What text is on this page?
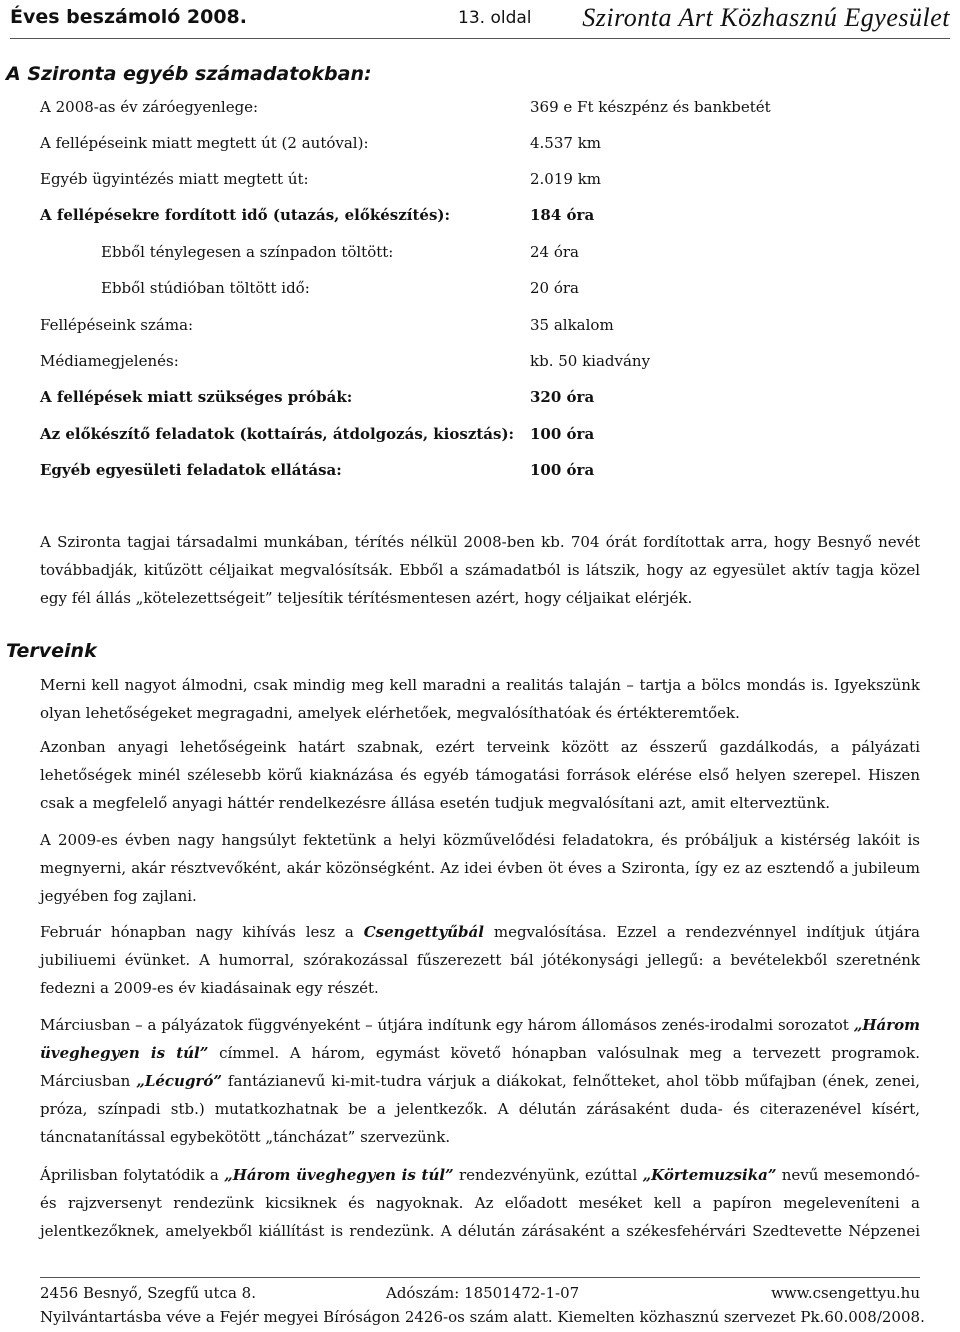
Éves beszámoló 2008.	13. oldal Szironta Art Közhasznú Egyesület
A Szironta egyéb számadatokban:
A 2008-as év záróegyenlege:	369 e Ft készpénz és bankbetét
A fellépéseink miatt megtett út (2 autóval):	4.537 km
Egyéb ügyintézés miatt megtett út:	2.019 km
A fellépésekre fordított idő (utazás, előkészítés):	184 óra
Ebből ténylegesen a színpadon töltött:	24 óra
Ebből stúdióban töltött idő:	20 óra
Fellépéseink száma:	35 alkalom
Médiamegjelenés:	kb. 50 kiadvány
A fellépések miatt szükséges próbák:	320 óra
Az előkészítő feladatok (kottaírás, átdolgozás, kiosztás): 100 óra
Egyéb egyesületi feladatok ellátása:	100 óra

A Szironta tagjai társadalmi munkában, térítés nélkül 2008-ben kb. 704 órát fordítottak arra, hogy Besnyő nevét továbbadják, kitűzött céljaikat megvalósítsák. Ebből a számadatból is látszik, hogy az egyesület aktív tagja közel egy fél állás „kötelezettségeit” teljesítik térítésmentesen azért, hogy céljaikat elérjék.

Terveink

Merni kell nagyot álmodni, csak mindig meg kell maradni a realitás talaján – tartja a bölcs mondás is. Igyekszünk olyan lehetőségeket megragadni, amelyek elérhetőek, megvalósíthatóak és értékteremtőek.

Azonban anyagi lehetőségeink határt szabnak, ezért terveink között az ésszerű gazdálkodás, a pályázati lehetőségek minél szélesebb körű kiaknázása és egyéb támogatási források elérése első helyen szerepel. Hiszen csak a megfelelő anyagi háttér rendelkezésre állása esetén tudjuk megvalósítani azt, amit elterveztünk.

A 2009-es évben nagy hangsúlyt fektetünk a helyi közművelődési feladatokra, és próbáljuk a kistérség lakóit is megnyerni, akár résztvevőként, akár közönségként. Az idei évben öt éves a Szironta, így ez az esztendő a jubileum jegyében fog zajlani.

Február hónapban nagy kihívás lesz a Csengettyűbál megvalósítása. Ezzel a rendezvénnyel indítjuk útjára jubiliuemi évünket. A humorral, szórakozással fűszerezett bál jótékonysági jellegű: a bevételekből szeretnénk fedezni a 2009-es év kiadásainak egy részét.

Márciusban – a pályázatok függvényeként – útjára indítunk egy három állomásos zenés-irodalmi sorozatot „Három üveghegyen is túl” címmel. A három, egymást követő hónapban valósulnak meg a tervezett programok. Márciusban „Lécugró” fantázianevű ki-mit-tudra várjuk a diákokat, felnőtteket, ahol több műfajban (ének, zenei, próza, színpadi stb.) mutatkozhatnak be a jelentkezők. A délután zárásaként duda- és citerazenével kísért, táncnatanítással egybekötött „táncházat” szervezünk.

Áprilisban folytatódik a „Három üveghegyen is túl” rendezvényünk, ezúttal „Körtemuzsika” nevű mesemondó- és rajzversenyt rendezünk kicsiknek és nagyoknak. Az előadott meséket kell a papíron megeleveníteni a jelentkezőknek, amelyekből kiállítást is rendezünk. A délután zárásaként a székesfehérvári Szedtevette Népzenei

2456 Besnyő, Szegfű utca 8.	Adószám: 18501472-1-07	www.csengettyu.hu
Nyilvántartásba véve a Fejér megyei Bíróságon 2426-os szám alatt. Kiemelten közhasznú szervezet Pk.60.008/2008.
